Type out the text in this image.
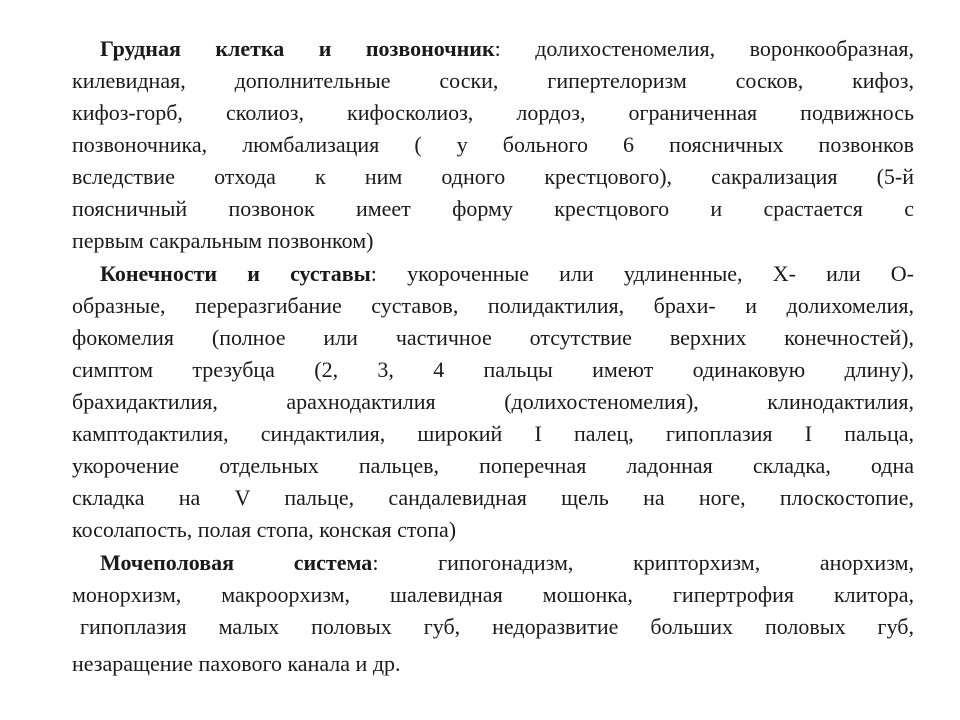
Грудная клетка и позвоночник: долихостеномелия, воронкообразная,
килевидная, дополнительные соски, гипертелоризм сосков, кифоз,
кифоз-горб, сколиоз, кифосколиоз, лордоз, ограниченная подвижнось
позвоночника, люмбализация ( у больного 6 поясничных позвонков
вследствие отхода к ним одного крестцового), сакрализация (5-й
поясничный позвонок имеет форму крестцового и срастается с
первым сакральным позвонком)
Конечности и суставы: укороченные или удлиненные, Х- или О-
образные, переразгибание суставов, полидактилия, брахи- и долихомелия,
фокомелия (полное или частичное отсутствие верхних конечностей),
симптом трезубца (2, 3, 4 пальцы имеют одинаковую длину),
брахидактилия, арахнодактилия (долихостеномелия), клинодактилия,
камптодактилия, синдактилия, широкий I палец, гипоплазия I пальца,
укорочение отдельных пальцев, поперечная ладонная складка, одна
складка на V пальце, сандалевидная щель на ноге, плоскостопие,
косолапость, полая стопа, конская стопа)
Мочеполовая система: гипогонадизм, крипторхизм, анорхизм,
монорхизм, макроорхизм, шалевидная мошонка, гипертрофия клитора,
гипоплазия малых половых губ, недоразвитие больших половых губ,
незаращение пахового канала и др.
